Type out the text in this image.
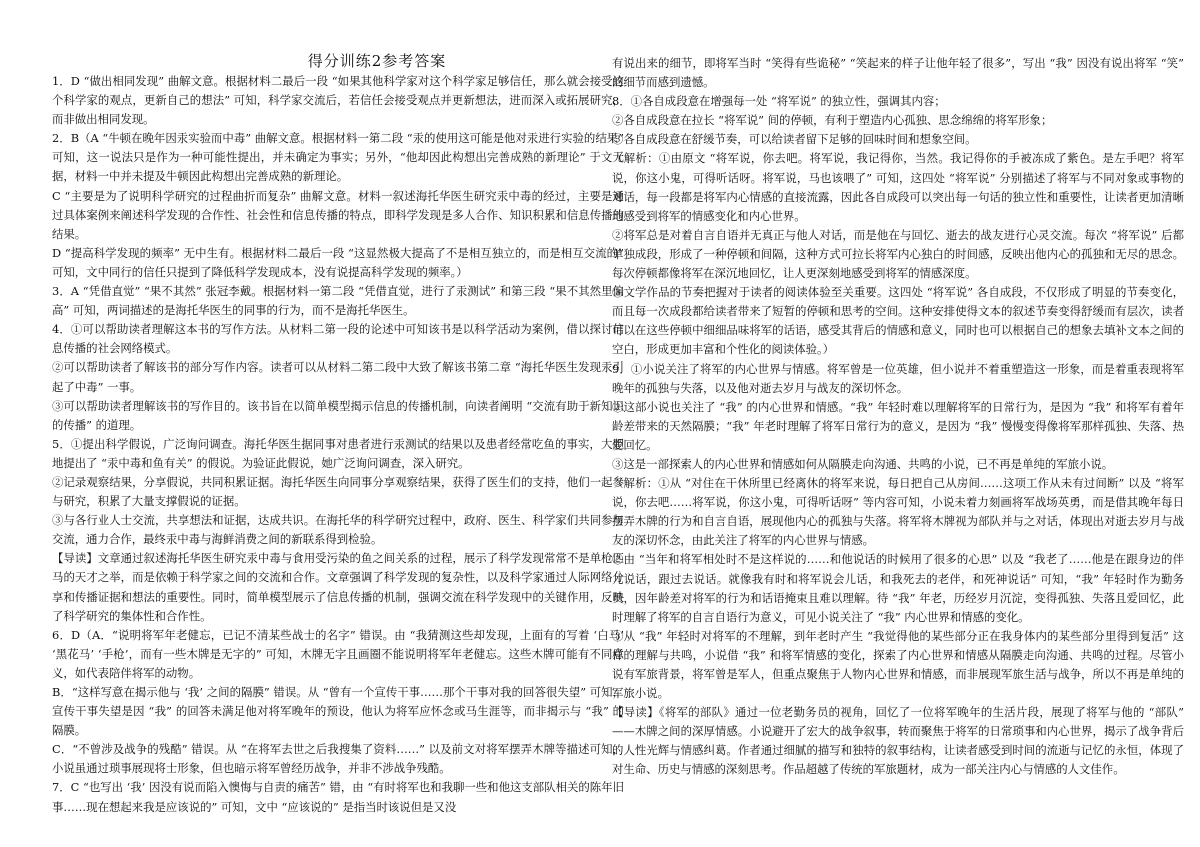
得分训练2参考答案

1．D “做出相同发现” 曲解文意。根据材料二最后一段 “如果其他科学家对这个科学家足够信任，那么就会接受这个科学家的观点，更新自己的想法” 可知，科学家交流后，若信任会接受观点并更新想法，进而深入或拓展研究，而非做出相同发现。

2．B（A “牛顿在晚年因汞实验而中毒” 曲解文意。根据材料一第二段 “汞的使用这可能是他对汞进行实验的结果” 可知，这一说法只是作为一种可能性提出，并未确定为事实；另外，“他却因此构想出完善成熟的新理论” 于文无据，材料一中并未提及牛顿因此构想出完善成熟的新理论。

C “主要是为了说明科学研究的过程曲折而复杂” 曲解文意。材料一叙述海托华医生研究汞中毒的经过，主要是通过具体案例来阐述科学发现的合作性、社会性和信息传播的特点，即科学发现是多人合作、知识积累和信息传播的结果。

D “提高科学发现的频率” 无中生有。根据材料二最后一段 “这显然极大提高了不是相互独立的，而是相互交流的” 可知，文中同行的信任只提到了降低科学发现成本，没有说提高科学发现的频率。）

3．A “凭借直觉” “果不其然” 张冠李戴。根据材料一第二段 “凭借直觉，进行了汞测试” 和第三段 “果不其然里偏高” 可知，两词描述的是海托华医生的同事的行为，而不是海托华医生。

4．①可以帮助读者理解这本书的写作方法。从材料二第一段的论述中可知该书是以科学活动为案例，借以探讨信息传播的社会网络模式。

②可以帮助读者了解该书的部分写作内容。读者可以从材料二第二段中大致了解该书第二章 “海托华医生发现汞引起了中毒” 一事。

③可以帮助读者理解该书的写作目的。该书旨在以简单模型揭示信息的传播机制，向读者阐明 “交流有助于新知识的传播” 的道理。

5．①提出科学假说，广泛询问调查。海托华医生据同事对患者进行汞测试的结果以及患者经常吃鱼的事实，大胆地提出了 “汞中毒和鱼有关” 的假说。为验证此假说，她广泛询问调查，深入研究。

②记录观察结果，分享假说，共同积累证据。海托华医生向同事分享观察结果，获得了医生们的支持，他们一起参与研究，积累了大量支撑假说的证据。

③与各行业人士交流，共享想法和证据，达成共识。在海托华的科学研究过程中，政府、医生、科学家们共同参与交流，通力合作，最终汞中毒与海鲜消费之间的新联系得到检验。

【导读】文章通过叙述海托华医生研究汞中毒与食用受污染的鱼之间关系的过程，展示了科学发现常常不是单枪匹马的天才之举，而是依赖于科学家之间的交流和合作。文章强调了科学发现的复杂性，以及科学家通过人际网络分享和传播证据和想法的重要性。同时，简单模型展示了信息传播的机制，强调交流在科学发现中的关键作用，反映了科学研究的集体性和合作性。

6．D（A．“说明将军年老健忘，已记不清某些战士的名字” 错误。由 “我猜测这些却发现，上面有的写着 ‘白马’ ‘黑花马’ ‘手枪’，而有一些木牌是无字的” 可知，木牌无字且画圈不能说明将军年老健忘。这些木牌可能有不同意义，如代表陪伴将军的动物。

B．“这样写意在揭示他与 ‘我’ 之间的隔膜” 错误。从 “曾有一个宣传干事……那个干事对我的回答很失望” 可知，宣传干事失望是因 “我” 的回答未满足他对将军晚年的预设，他认为将军应怀念或马生涯等，而非揭示与 “我” 的隔膜。

C．“不曾涉及战争的残酷” 错误。从 “在将军去世之后我搜集了资料……” 以及前文对将军摆弄木牌等描述可知，小说虽通过琐事展现将士形象，但也暗示将军曾经历战争，并非不涉战争残酷。

7．C “也写出 ‘我’ 因没有说而陷入懊悔与自责的痛苦” 错，由 “有时将军也和我聊一些和他这支部队相关的陈年旧事……现在想起来我是应该说的” 可知，文中 “应该说的” 是指当时该说但是又没

有说出来的细节，即将军当时 “笑得有些诡秘” “笑起来的样子让他年轻了很多”，写出 “我” 因没有说出将军 “笑” 的细节而感到遗憾。

8．①各自成段意在增强每一处 “将军说” 的独立性，强调其内容；

②各自成段意在拉长 “将军说” 间的停顿，有利于塑造内心孤独、思念绵绵的将军形象；

③各自成段意在舒缓节奏，可以给读者留下足够的回味时间和想象空间。

（解析：①由原文 “将军说，你去吧。将军说，我记得你，当然。我记得你的手被冻成了紫色。是左手吧？将军说，你这小鬼，可得听话呀。将军说，马也该喂了” 可知，这四处 “将军说” 分别描述了将军与不同对象或事物的对话，每一段都是将军内心情感的直接流露，因此各自成段可以突出每一句话的独立性和重要性，让读者更加清晰地感受到将军的情感变化和内心世界。

②将军总是对着自言自语并无真正与他人对话，而是他在与回忆、逝去的战友进行心灵交流。每次 “将军说” 后都单独成段，形成了一种停顿和间隔，这种方式可拉长将军内心独白的时间感，反映出他内心的孤独和无尽的思念。每次停顿都像将军在深沉地回忆，让人更深刻地感受到将军的情感深度。

③文学作品的节奏把握对于读者的阅读体验至关重要。这四处 “将军说” 各自成段，不仅形成了明显的节奏变化，而且每一次成段都给读者带来了短暂的停顿和思考的空间。这种安排使得文本的叙述节奏变得舒缓而有层次，读者可以在这些停顿中细细品味将军的话语，感受其背后的情感和意义，同时也可以根据自己的想象去填补文本之间的空白，形成更加丰富和个性化的阅读体验。）

9．①小说关注了将军的内心世界与情感。将军曾是一位英雄，但小说并不着重塑造这一形象，而是着重表现将军晚年的孤独与失落，以及他对逝去岁月与战友的深切怀念。

②这部小说也关注了 “我” 的内心世界和情感。“我” 年轻时难以理解将军的日常行为，是因为 “我” 和将军有着年龄差带来的天然隔膜；“我” 年老时理解了将军日常行为的意义，是因为 “我” 慢慢变得像将军那样孤独、失落、热爱回忆。

③这是一部探索人的内心世界和情感如何从隔膜走向沟通、共鸣的小说，已不再是单纯的军旅小说。

（解析：①从 “对住在干休所里已经离休的将军来说，每日把自己从房间……这项工作从未有过间断” 以及 “将军说，你去吧……将军说，你这小鬼，可得听话呀” 等内容可知，小说未着力刻画将军战场英勇，而是借其晚年每日摆弄木牌的行为和自言自语，展现他内心的孤独与失落。将军将木牌视为部队并与之对话，体现出对逝去岁月与战友的深切怀念，由此关注了将军的内心世界与情感。

②由 “当年和将军相处时不是这样说的……和他说话的时候用了很多的心思” 以及 “我老了……他是在跟身边的伴儿说话，跟过去说话。就像我有时和将军说会儿话，和我死去的老伴，和死神说话” 可知，“我” 年轻时作为勤务员，因年龄差对将军的行为和话语掩束且难以理解。待 “我” 年老，历经岁月沉淀，变得孤独、失落且爱回忆，此时理解了将军的自言自语行为意义，可见小说关注了 “我” 内心世界和情感的变化。

③从 “我” 年轻时对将军的不理解，到年老时产生 “我觉得他的某些部分正在我身体内的某些部分里得到复活” 这样的理解与共鸣，小说借 “我” 和将军情感的变化，探索了内心世界和情感从隔膜走向沟通、共鸣的过程。尽管小说有军旅背景，将军曾是军人，但重点聚焦于人物内心世界和情感，而非展现军旅生活与战争，所以不再是单纯的军旅小说。

【导读】《将军的部队》通过一位老勤务员的视角，回忆了一位将军晚年的生活片段，展现了将军与他的 “部队” ——木牌之间的深厚情感。小说避开了宏大的战争叙事，转而聚焦于将军的日常琐事和内心世界，揭示了战争背后的人性光辉与情感纠葛。作者通过细腻的描写和独特的叙事结构，让读者感受到时间的流逝与记忆的永恒，体现了对生命、历史与情感的深刻思考。作品超越了传统的军旅题材，成为一部关注内心与情感的人文佳作。
